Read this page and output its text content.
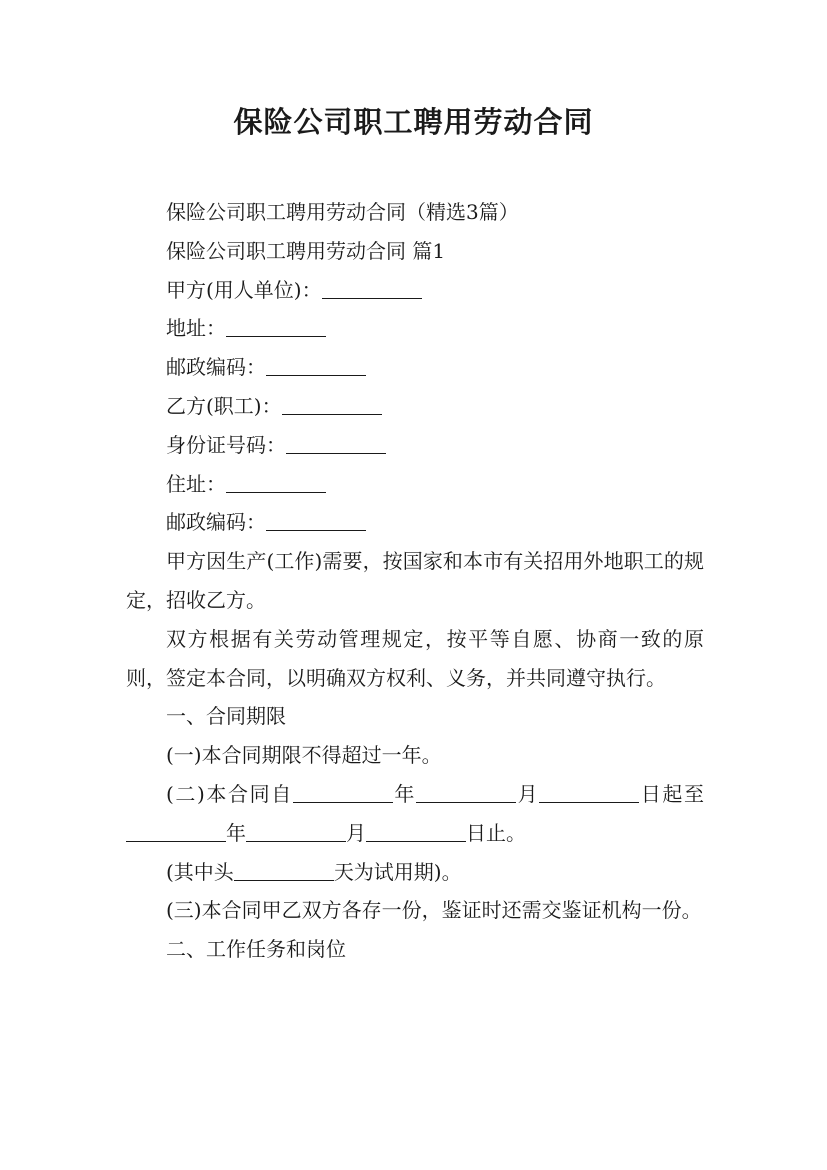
保险公司职工聘用劳动合同

保险公司职工聘用劳动合同（精选3篇）

保险公司职工聘用劳动合同 篇1

甲方(用人单位)：

地址：

邮政编码：

乙方(职工)：

身份证号码：

住址：

邮政编码：

甲方因生产(工作)需要，按国家和本市有关招用外地职工的规定，招收乙方。

双方根据有关劳动管理规定，按平等自愿、协商一致的原则，签定本合同，以明确双方权利、义务，并共同遵守执行。

一、合同期限

(一)本合同期限不得超过一年。

(二)本合同自	年	月	日起至年	月	日止。

(其中头	天为试用期)。

(三)本合同甲乙双方各存一份，鉴证时还需交鉴证机构一份。

二、工作任务和岗位
